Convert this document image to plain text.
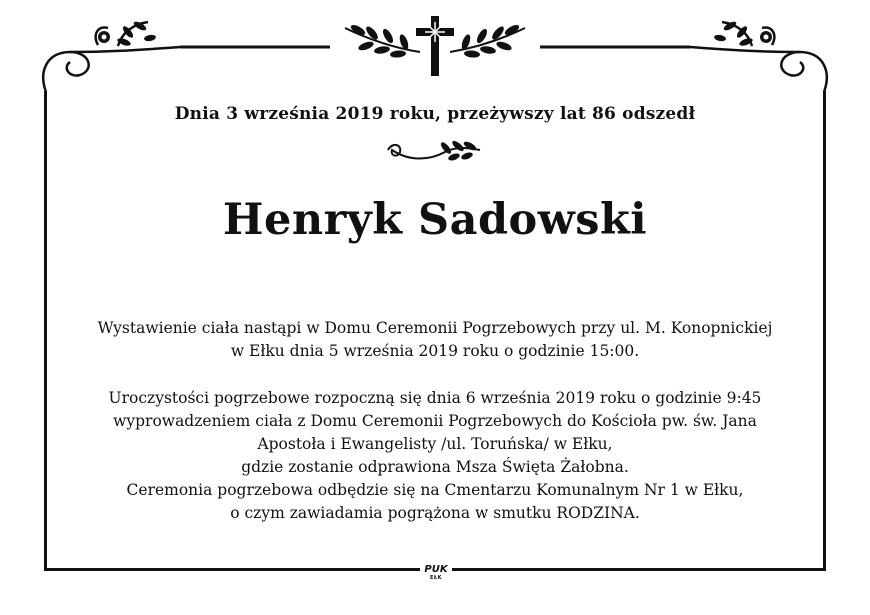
Dnia 3 września 2019 roku, przeżywszy lat 86 odszedł
Henryk Sadowski
Wystawienie ciała nastąpi w Domu Ceremonii Pogrzebowych przy ul. M. Konopnickiej
w Ełku dnia 5 września 2019 roku o godzinie 15:00.
Uroczystości pogrzebowe rozpoczną się dnia 6 września 2019 roku o godzinie 9:45
wyprowadzeniem ciała z Domu Ceremonii Pogrzebowych do Kościoła pw. św. Jana
Apostoła i Ewangelisty /ul. Toruńska/ w Ełku,
gdzie zostanie odprawiona Msza Święta Żałobna.
Ceremonia pogrzebowa odbędzie się na Cmentarzu Komunalnym Nr 1 w Ełku,
o czym zawiadamia pogrążona w smutku RODZINA.
PUK
EŁK
